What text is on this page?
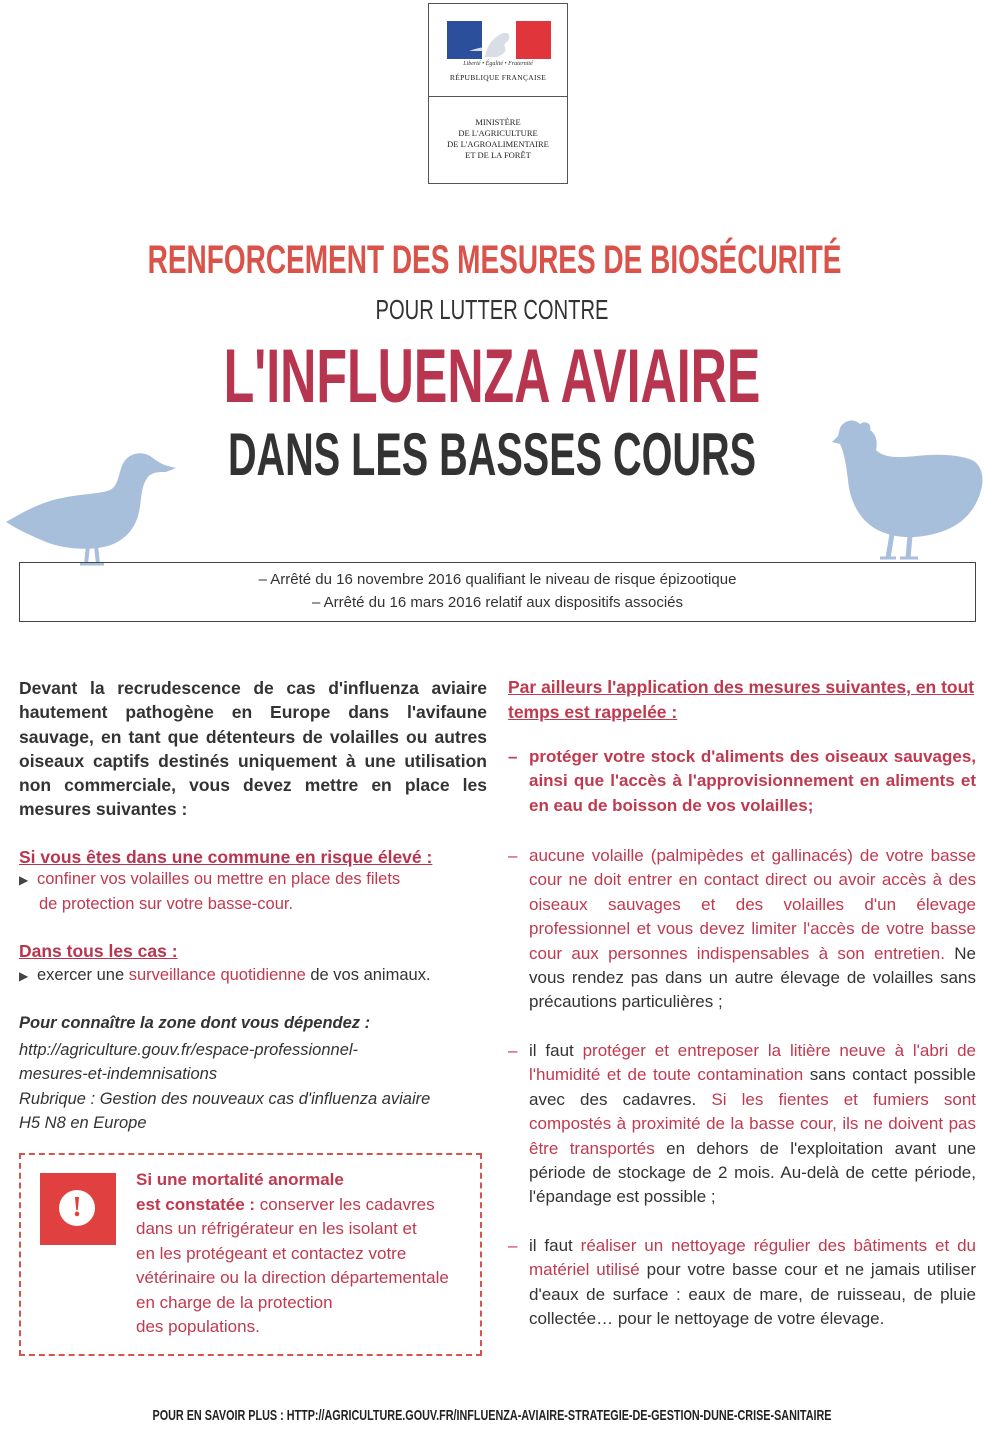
Liberté • Égalité • Fraternité
RÉPUBLIQUE FRANÇAISE
MINISTÈRE
DE L'AGRICULTURE
DE L'AGROALIMENTAIRE
ET DE LA FORÊT
RENFORCEMENT DES MESURES DE BIOSÉCURITÉ
POUR LUTTER CONTRE
L'INFLUENZA AVIAIRE
DANS LES BASSES COURS
– Arrêté du 16 novembre 2016 qualifiant le niveau de risque épizootique
– Arrêté du 16 mars 2016 relatif aux dispositifs associés
Devant la recrudescence de cas d'influenza aviaire hautement pathogène en Europe dans l'avifaune sauvage, en tant que détenteurs de volailles ou autres oiseaux captifs destinés uniquement à une utilisation non commerciale, vous devez mettre en place les mesures suivantes :
Si vous êtes dans une commune en risque élevé :
▶ confiner vos volailles ou mettre en place des filets
de protection sur votre basse-cour.
Dans tous les cas :
▶ exercer une surveillance quotidienne de vos animaux.
Pour connaître la zone dont vous dépendez :
http://agriculture.gouv.fr/espace-professionnel-
mesures-et-indemnisations
Rubrique : Gestion des nouveaux cas d'influenza aviaire
H5 N8 en Europe
!
Si une mortalité anormale
est constatée : conserver les cadavres
dans un réfrigérateur en les isolant et
en les protégeant et contactez votre
vétérinaire ou la direction départementale
en charge de la protection
des populations.
Par ailleurs l'application des mesures suivantes, en tout temps est rappelée :
– protéger votre stock d'aliments des oiseaux sauvages, ainsi que l'accès à l'approvisionnement en aliments et en eau de boisson de vos volailles;
– aucune volaille (palmipèdes et gallinacés) de votre basse cour ne doit entrer en contact direct ou avoir accès à des oiseaux sauvages et des volailles d'un élevage professionnel et vous devez limiter l'accès de votre basse cour aux personnes indispensables à son entretien. Ne vous rendez pas dans un autre élevage de volailles sans précautions particulières ;
– il faut protéger et entreposer la litière neuve à l'abri de l'humidité et de toute contamination sans contact possible avec des cadavres. Si les fientes et fumiers sont compostés à proximité de la basse cour, ils ne doivent pas être transportés en dehors de l'exploitation avant une période de stockage de 2 mois. Au-delà de cette période, l'épandage est possible ;
– il faut réaliser un nettoyage régulier des bâtiments et du matériel utilisé pour votre basse cour et ne jamais utiliser d'eaux de surface : eaux de mare, de ruisseau, de pluie collectée… pour le nettoyage de votre élevage.
POUR EN SAVOIR PLUS : HTTP://AGRICULTURE.GOUV.FR/INFLUENZA-AVIAIRE-STRATEGIE-DE-GESTION-DUNE-CRISE-SANITAIRE
